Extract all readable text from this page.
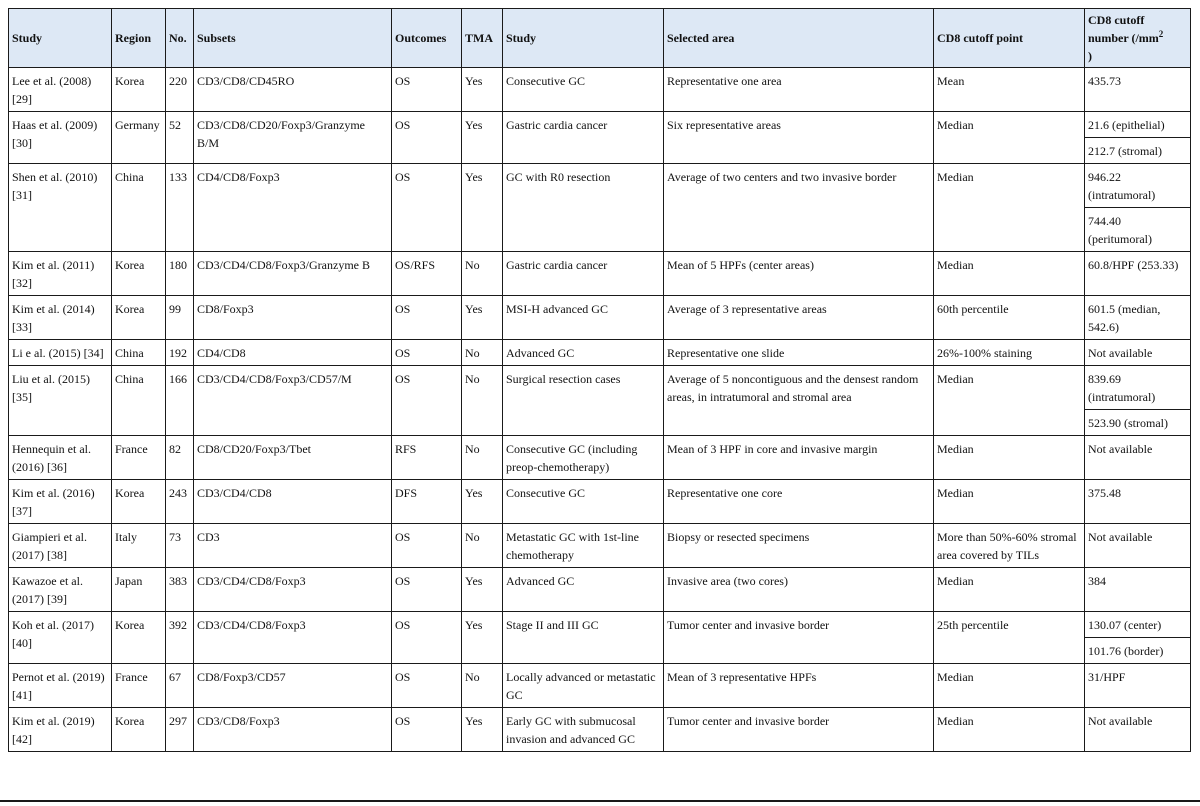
Study	Region	No.	Subsets	Outcomes	TMA	Study	Selected area	CD8 cutoff point	CD8 cutoff number ($/mm^2$
)
Lee et al. (2008) [29]	Korea	220	CD3/CD8/CD45RO	OS	Yes	Consecutive GC	Representative one area	Mean	435.73
Haas et al. (2009) [30]	Germany	52	CD3/CD8/CD20/Foxp3/Granzyme B/M	OS	Yes	Gastric cardia cancer	Six representative areas	Median	21.6 (epithelial)
									212.7 (stromal)
Shen et al. (2010) [31]	China	133	CD4/CD8/Foxp3	OS	Yes	GC with R0 resection	Average of two centers and two invasive border	Median	946.22 (intratumoral)
									744.40 (peritumoral)
Kim et al. (2011) [32]	Korea	180	CD3/CD4/CD8/Foxp3/Granzyme B	OS/RFS	No	Gastric cardia cancer	Mean of 5 HPFs (center areas)	Median	60.8/HPF (253.33)
Kim et al. (2014) [33]	Korea	99	CD8/Foxp3	OS	Yes	MSI-H advanced GC	Average of 3 representative areas	60th percentile	601.5 (median, 542.6)
Li e al. (2015) [34]	China	192	CD4/CD8	OS	No	Advanced GC	Representative one slide	26%-100% staining	Not available
Liu et al. (2015) [35]	China	166	CD3/CD4/CD8/Foxp3/CD57/M	OS	No	Surgical resection cases	Average of 5 noncontiguous and the densest random areas, in intratumoral and stromal area	Median	839.69 (intratumoral)
									523.90 (stromal)
Hennequin et al. (2016) [36]	France	82	CD8/CD20/Foxp3/Tbet	RFS	No	Consecutive GC (including preop-chemotherapy)	Mean of 3 HPF in core and invasive margin	Median	Not available
Kim et al. (2016) [37]	Korea	243	CD3/CD4/CD8	DFS	Yes	Consecutive GC	Representative one core	Median	375.48
Giampieri et al. (2017) [38]	Italy	73	CD3	OS	No	Metastatic GC with 1st-line chemotherapy	Biopsy or resected specimens	More than 50%-60% stromal area covered by TILs	Not available
Kawazoe et al. (2017) [39]	Japan	383	CD3/CD4/CD8/Foxp3	OS	Yes	Advanced GC	Invasive area (two cores)	Median	384
Koh et al. (2017) [40]	Korea	392	CD3/CD4/CD8/Foxp3	OS	Yes	Stage II and III GC	Tumor center and invasive border	25th percentile	130.07 (center)
									101.76 (border)
Pernot et al. (2019) [41]	France	67	CD8/Foxp3/CD57	OS	No	Locally advanced or metastatic GC	Mean of 3 representative HPFs	Median	31/HPF
Kim et al. (2019) [42]	Korea	297	CD3/CD8/Foxp3	OS	Yes	Early GC with submucosal invasion and advanced GC	Tumor center and invasive border	Median	Not available
